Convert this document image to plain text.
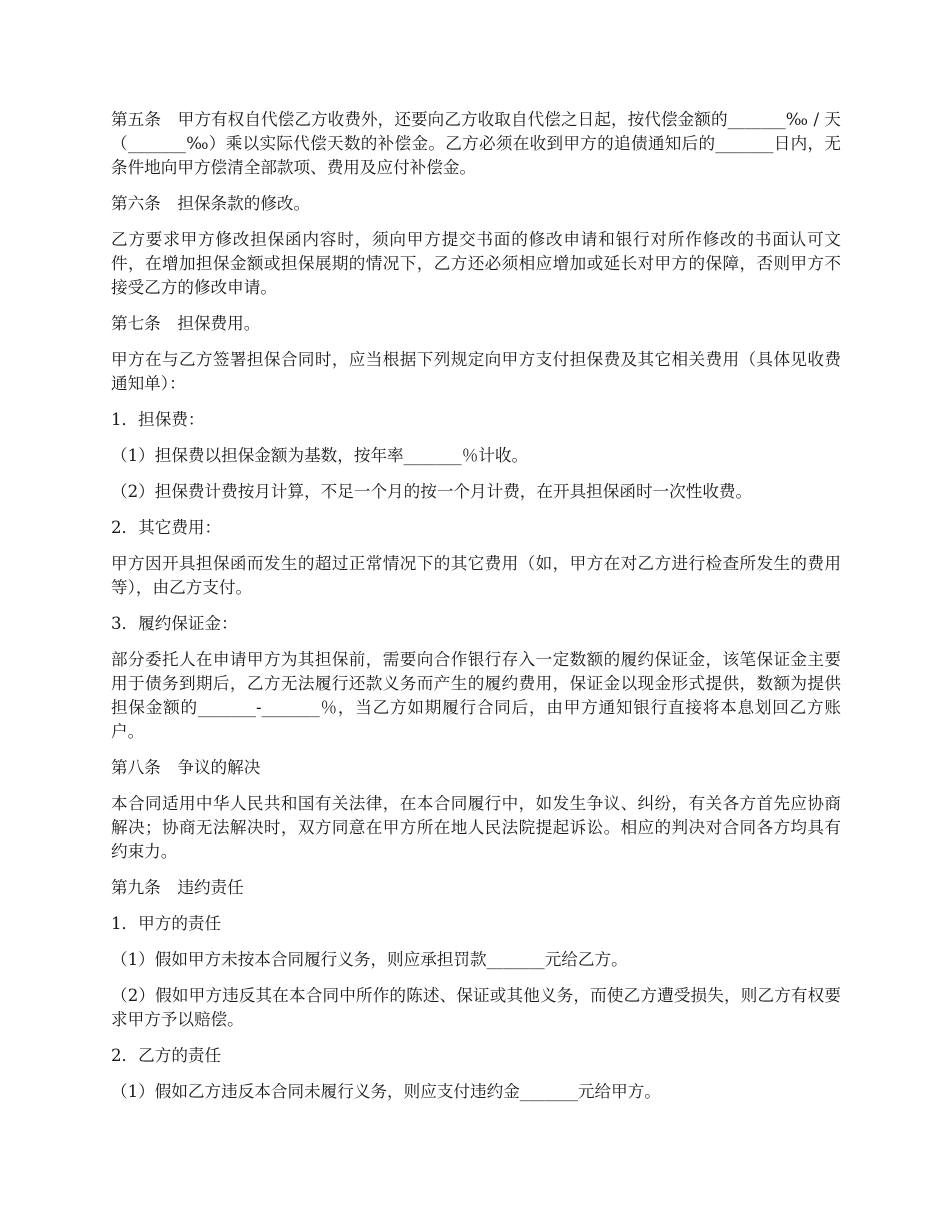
第五条　甲方有权自代偿乙方收费外，还要向乙方收取自代偿之日起，按代偿金额的_______‰ / 天（_______‰）乘以实际代偿天数的补偿金。乙方必须在收到甲方的追债通知后的_______日内，无条件地向甲方偿清全部款项、费用及应付补偿金。

第六条　担保条款的修改。

乙方要求甲方修改担保函内容时，须向甲方提交书面的修改申请和银行对所作修改的书面认可文件，在增加担保金额或担保展期的情况下，乙方还必须相应增加或延长对甲方的保障，否则甲方不接受乙方的修改申请。

第七条　担保费用。

甲方在与乙方签署担保合同时，应当根据下列规定向甲方支付担保费及其它相关费用（具体见收费通知单）：

1．担保费：

（1）担保费以担保金额为基数，按年率_______％计收。

（2）担保费计费按月计算，不足一个月的按一个月计费，在开具担保函时一次性收费。

2．其它费用：

甲方因开具担保函而发生的超过正常情况下的其它费用（如，甲方在对乙方进行检查所发生的费用等），由乙方支付。

3．履约保证金：

部分委托人在申请甲方为其担保前，需要向合作银行存入一定数额的履约保证金，该笔保证金主要用于债务到期后，乙方无法履行还款义务而产生的履约费用，保证金以现金形式提供，数额为提供担保金额的_______-_______％，当乙方如期履行合同后，由甲方通知银行直接将本息划回乙方账户。

第八条　争议的解决

本合同适用中华人民共和国有关法律，在本合同履行中，如发生争议、纠纷，有关各方首先应协商解决；协商无法解决时，双方同意在甲方所在地人民法院提起诉讼。相应的判决对合同各方均具有约束力。

第九条　违约责任

1．甲方的责任

（1）假如甲方未按本合同履行义务，则应承担罚款_______元给乙方。

（2）假如甲方违反其在本合同中所作的陈述、保证或其他义务，而使乙方遭受损失，则乙方有权要求甲方予以赔偿。

2．乙方的责任

（1）假如乙方违反本合同未履行义务，则应支付违约金_______元给甲方。
